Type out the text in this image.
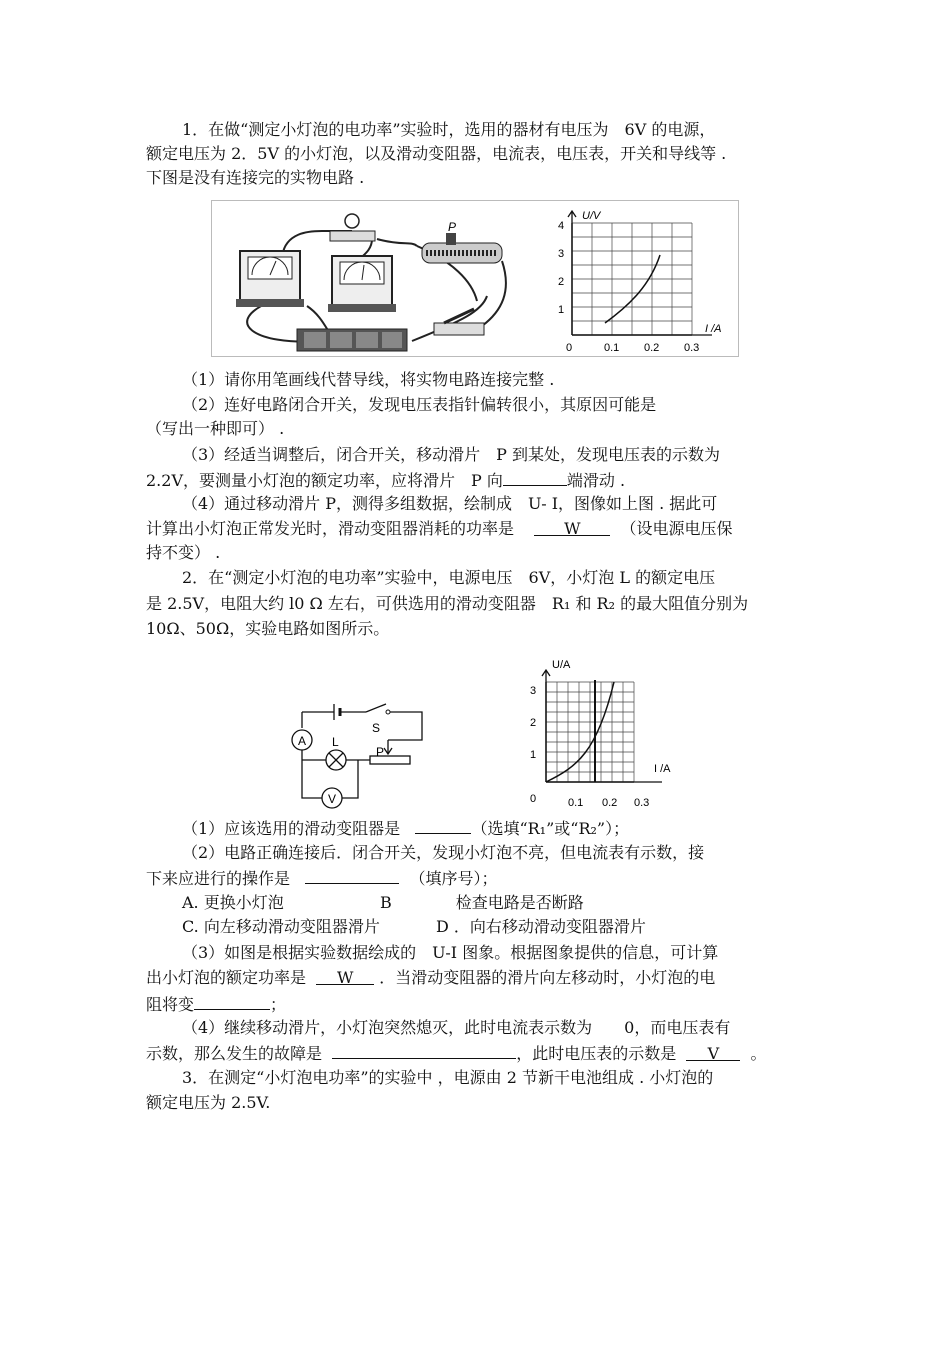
1．在做“测定小灯泡的电功率”实验时，选用的器材有电压为　6V 的电源，
额定电压为 2．5V 的小灯泡，以及滑动变阻器，电流表，电压表，开关和导线等 .
下图是没有连接完的实物电路 .
P
U/V
I /A
1
2
3
4
0	0.1 0.2 0.3
（1）请你用笔画线代替导线，将实物电路连接完整 .
（2）连好电路闭合开关，发现电压表指针偏转很小，其原因可能是
（写出一种即可） .
（3）经适当调整后，闭合开关，移动滑片　P 到某处，发现电压表的示数为
2.2V，要测量小灯泡的额定功率，应将滑片　P 向	端滑动 .
（4）通过移动滑片 P，测得多组数据，绘制成　U- I，图像如上图 . 据此可
计算出小灯泡正常发光时，滑动变阻器消耗的功率是	W （设电源电压保
持不变） .
2．在“测定小灯泡的电功率”实验中，电源电压　6V，小灯泡 L 的额定电压
是 2.5V，电阻大约 l0 Ω 左右，可供选用的滑动变阻器　R₁ 和 R₂ 的最大阻值分别为
10Ω、50Ω，实验电路如图所示。
A L
S
P
V
U/A
I /A
1
2
3
0	0.1 0.2 0.3
（1）应该选用的滑动变阻器是	（选填“R₁”或“R₂”）；
（2）电路正确连接后．闭合开关，发现小灯泡不亮，但电流表有示数，接
下来应进行的操作是	（填序号）；
A. 更换小灯泡	B　　　　检查电路是否断路
C. 向左移动滑动变阻器滑片	D ．向右移动滑动变阻器滑片
（3）如图是根据实验数据绘成的　U-I 图象。根据图象提供的信息，可计算
出小灯泡的额定功率是 W ．当滑动变阻器的滑片向左移动时，小灯泡的电
阻将变	；
（4）继续移动滑片，小灯泡突然熄灭，此时电流表示数为　　0，而电压表有
示数，那么发生的故障是	，此时电压表的示数是 V 。
3．在测定“小灯泡电功率”的实验中 ，电源由 2 节新干电池组成 . 小灯泡的
额定电压为 2.5V.
